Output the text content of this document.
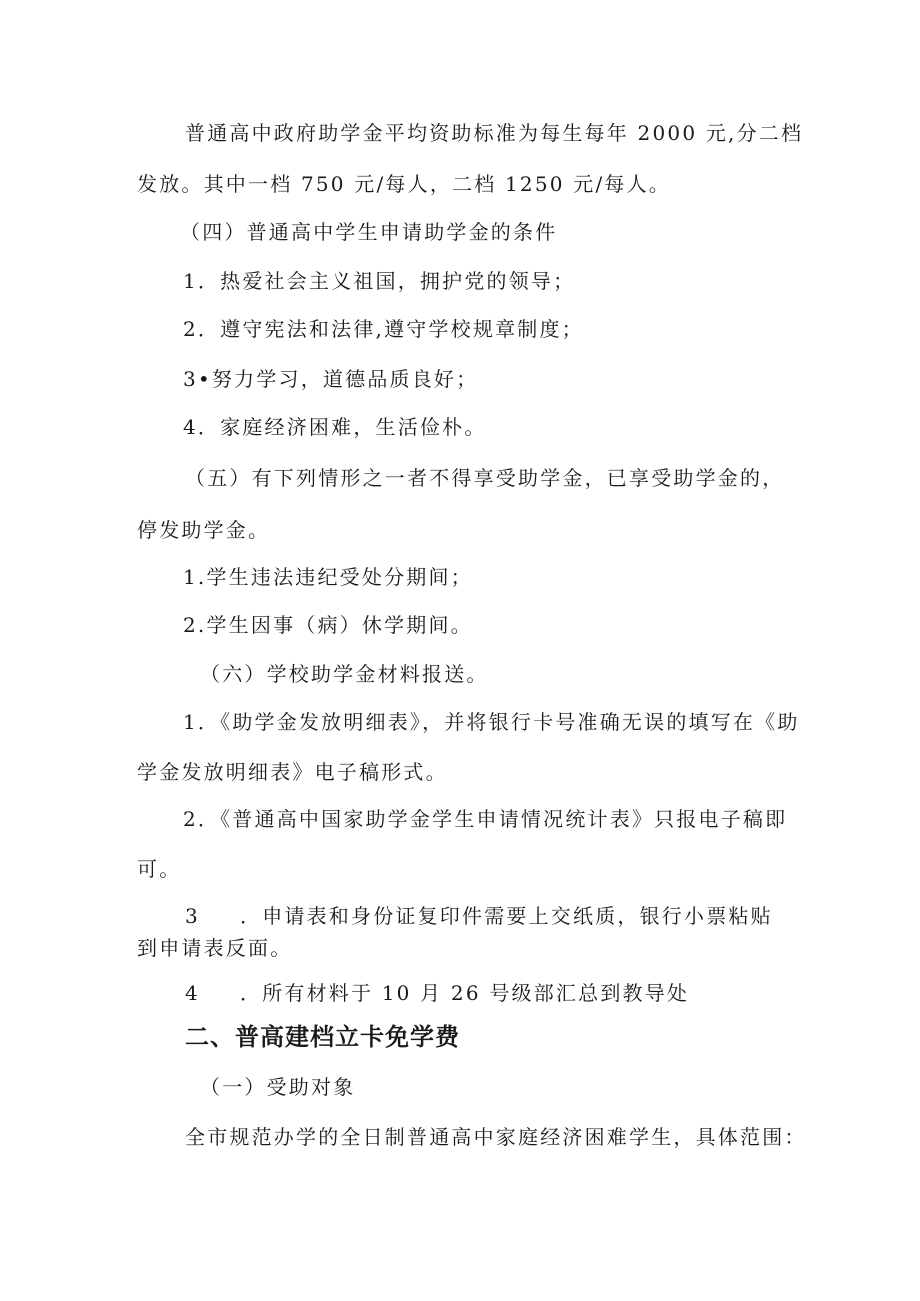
普通高中政府助学金平均资助标准为每生每年 2000 元,分二档
发放。其中一档 750 元/每人，二档 1250 元/每人。
（四）普通高中学生申请助学金的条件
1．热爱社会主义祖国，拥护党的领导；
2．遵守宪法和法律,遵守学校规章制度；
3•努力学习，道德品质良好；
4．家庭经济困难，生活俭朴。
（五）有下列情形之一者不得享受助学金，已享受助学金的，
停发助学金。
1.学生违法违纪受处分期间；
2.学生因事（病）休学期间。
（六）学校助学金材料报送。
1．《助学金发放明细表》，并将银行卡号准确无误的填写在《助
学金发放明细表》电子稿形式。
2．《普通高中国家助学金学生申请情况统计表》只报电子稿即
可。
3 ．申请表和身份证复印件需要上交纸质，银行小票粘贴
到申请表反面。
4 ．所有材料于 10 月 26 号级部汇总到教导处
二、普高建档立卡免学费
（一）受助对象
全市规范办学的全日制普通高中家庭经济困难学生，具体范围：
